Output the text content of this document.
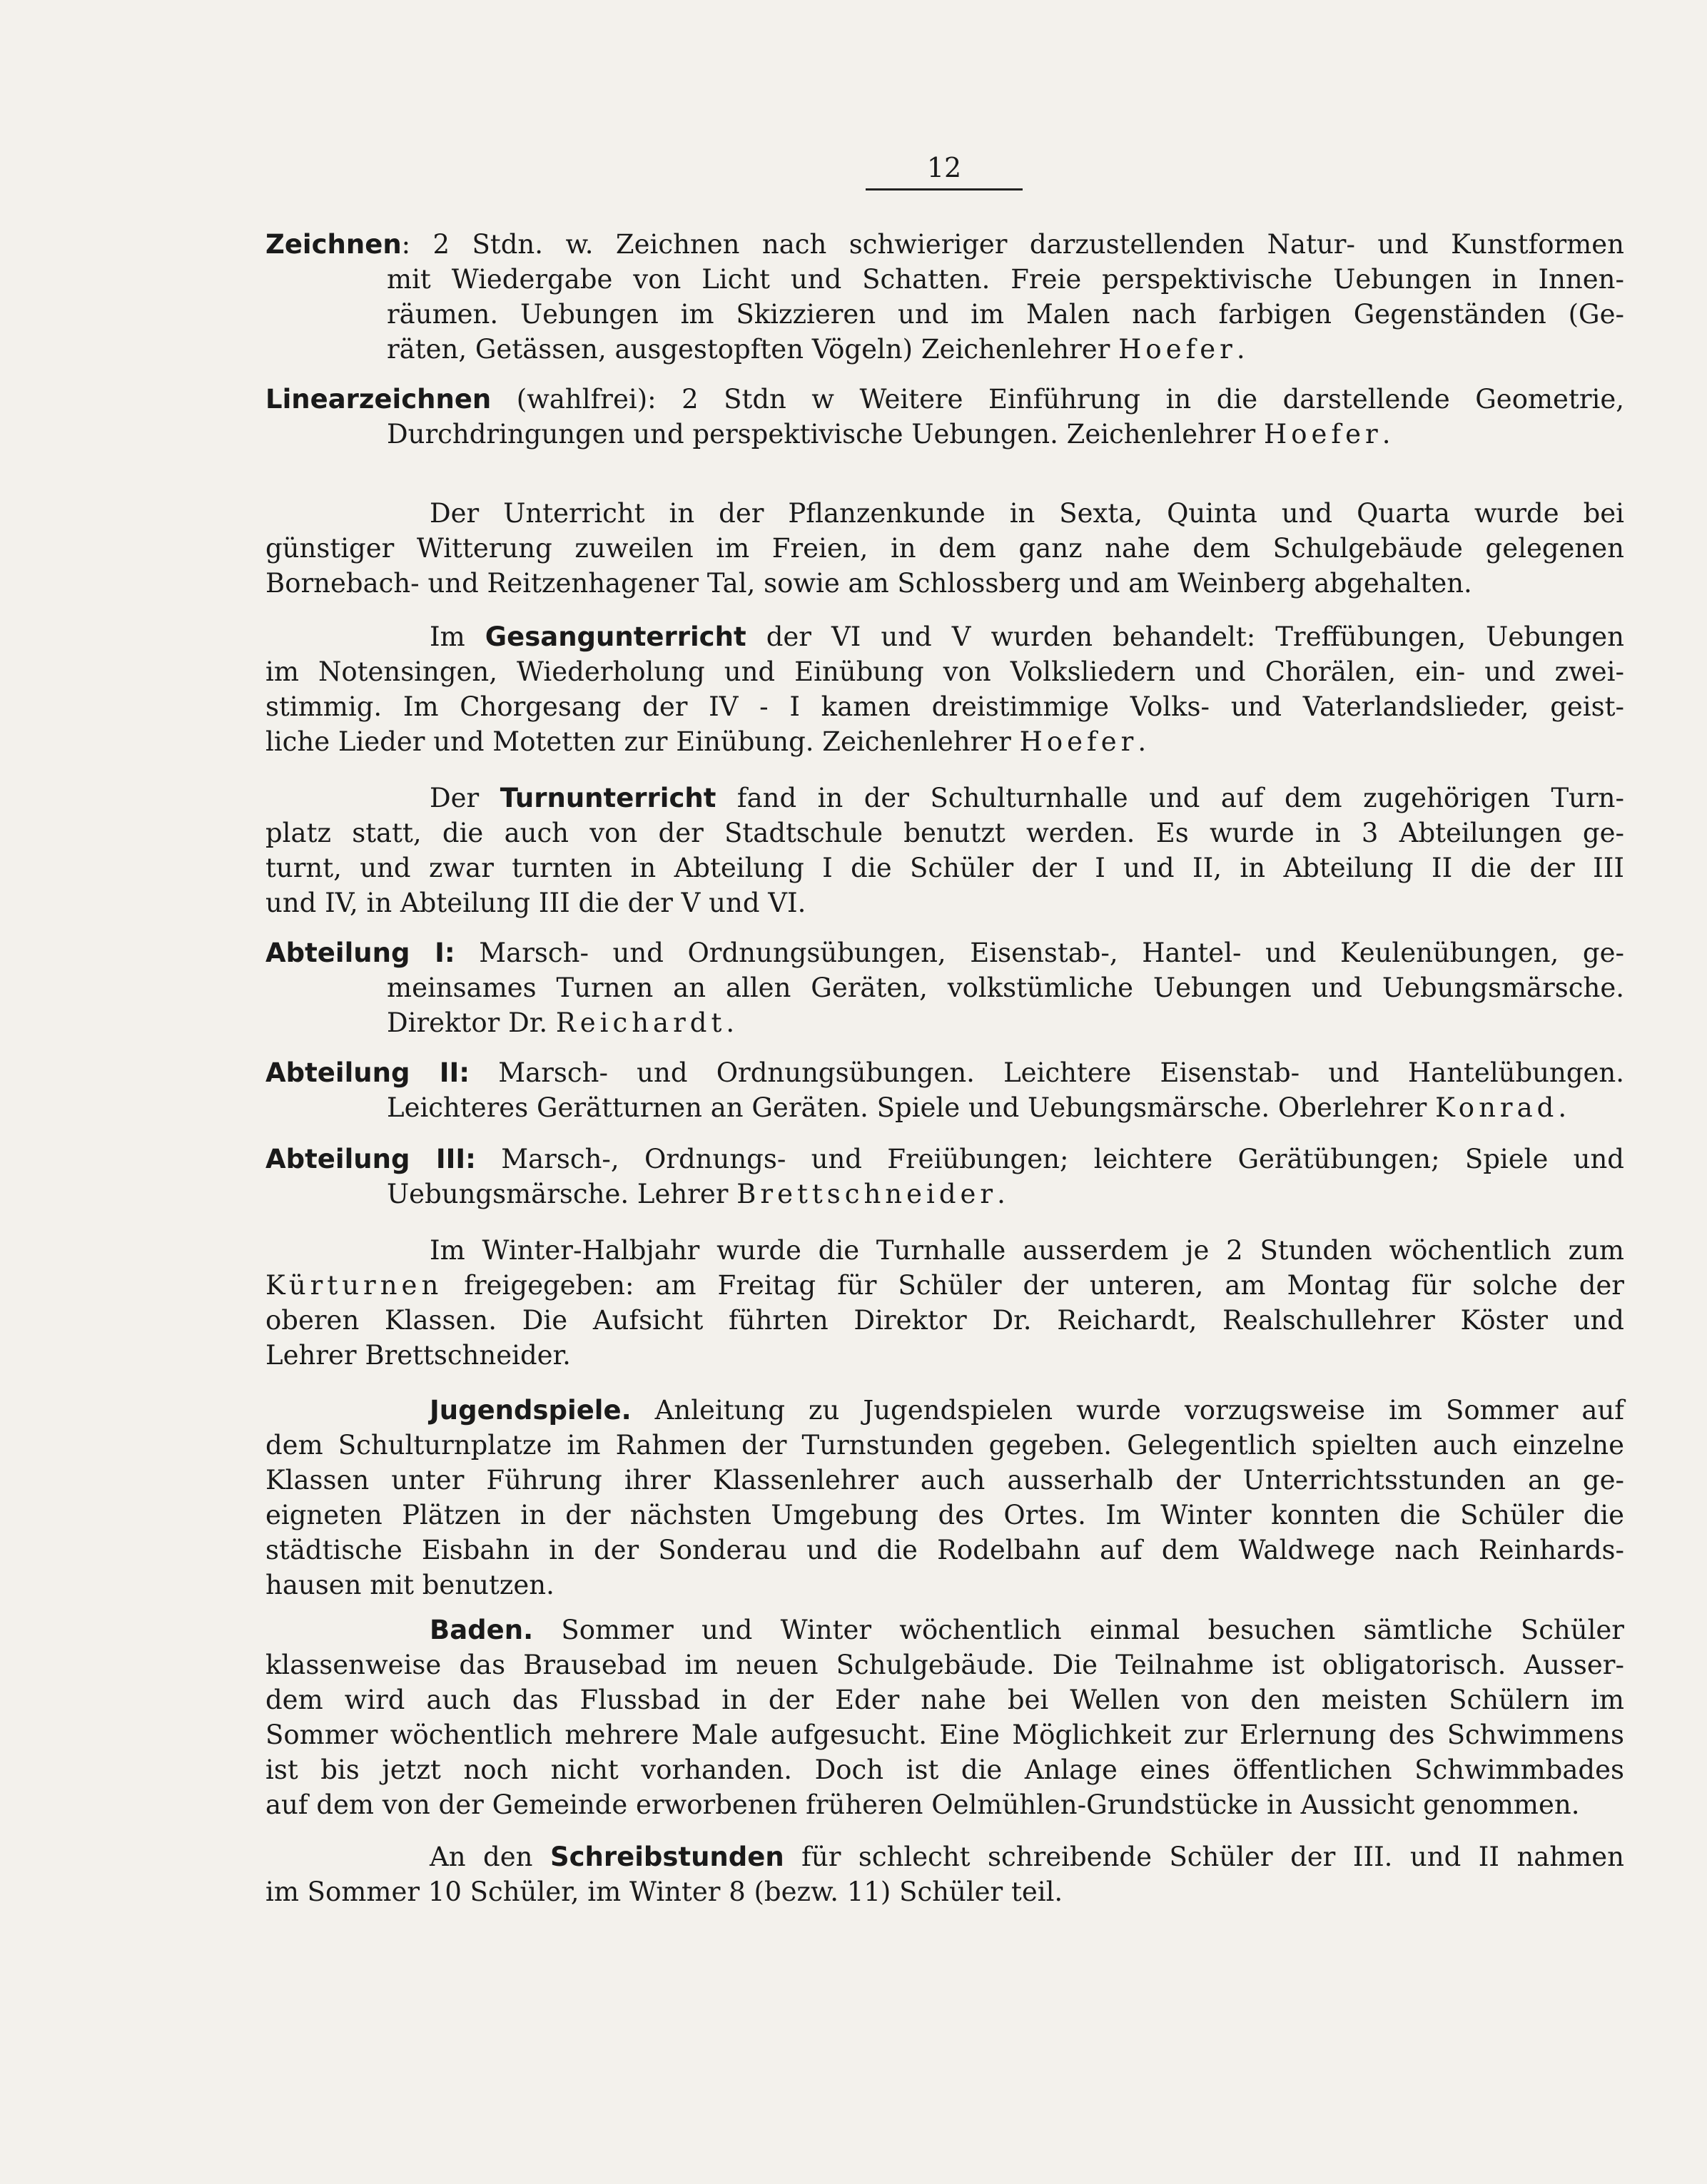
12
Zeichnen: 2 Stdn. w. Zeichnen nach schwieriger darzustellenden Natur- und Kunstformen
mit Wiedergabe von Licht und Schatten. Freie perspektivische Uebungen in Innen-
räumen. Uebungen im Skizzieren und im Malen nach farbigen Gegenständen (Ge-
räten, Getässen, ausgestopften Vögeln) Zeichenlehrer Hoefer.
Linearzeichnen (wahlfrei): 2 Stdn w Weitere Einführung in die darstellende Geometrie,
Durchdringungen und perspektivische Uebungen. Zeichenlehrer Hoefer.
Der Unterricht in der Pflanzenkunde in Sexta, Quinta und Quarta wurde bei
günstiger Witterung zuweilen im Freien, in dem ganz nahe dem Schulgebäude gelegenen
Bornebach- und Reitzenhagener Tal, sowie am Schlossberg und am Weinberg abgehalten.
Im Gesangunterricht der VI und V wurden behandelt: Treffübungen, Uebungen
im Notensingen, Wiederholung und Einübung von Volksliedern und Chorälen, ein- und zwei-
stimmig. Im Chorgesang der IV - I kamen dreistimmige Volks- und Vaterlandslieder, geist-
liche Lieder und Motetten zur Einübung. Zeichenlehrer Hoefer.
Der Turnunterricht fand in der Schulturnhalle und auf dem zugehörigen Turn-
platz statt, die auch von der Stadtschule benutzt werden. Es wurde in 3 Abteilungen ge-
turnt, und zwar turnten in Abteilung I die Schüler der I und II, in Abteilung II die der III
und IV, in Abteilung III die der V und VI.
Abteilung I: Marsch- und Ordnungsübungen, Eisenstab-, Hantel- und Keulenübungen, ge-
meinsames Turnen an allen Geräten, volkstümliche Uebungen und Uebungsmärsche.
Direktor Dr. Reichardt.
Abteilung II: Marsch- und Ordnungsübungen. Leichtere Eisenstab- und Hantelübungen.
Leichteres Gerätturnen an Geräten. Spiele und Uebungsmärsche. Oberlehrer Konrad.
Abteilung III: Marsch-, Ordnungs- und Freiübungen; leichtere Gerätübungen; Spiele und
Uebungsmärsche. Lehrer Brettschneider.
Im Winter-Halbjahr wurde die Turnhalle ausserdem je 2 Stunden wöchentlich zum
Kürturnen freigegeben: am Freitag für Schüler der unteren, am Montag für solche der
oberen Klassen. Die Aufsicht führten Direktor Dr. Reichardt, Realschullehrer Köster und
Lehrer Brettschneider.
Jugendspiele. Anleitung zu Jugendspielen wurde vorzugsweise im Sommer auf
dem Schulturnplatze im Rahmen der Turnstunden gegeben. Gelegentlich spielten auch einzelne
Klassen unter Führung ihrer Klassenlehrer auch ausserhalb der Unterrichtsstunden an ge-
eigneten Plätzen in der nächsten Umgebung des Ortes. Im Winter konnten die Schüler die
städtische Eisbahn in der Sonderau und die Rodelbahn auf dem Waldwege nach Reinhards-
hausen mit benutzen.
Baden. Sommer und Winter wöchentlich einmal besuchen sämtliche Schüler
klassenweise das Brausebad im neuen Schulgebäude. Die Teilnahme ist obligatorisch. Ausser-
dem wird auch das Flussbad in der Eder nahe bei Wellen von den meisten Schülern im
Sommer wöchentlich mehrere Male aufgesucht. Eine Möglichkeit zur Erlernung des Schwimmens
ist bis jetzt noch nicht vorhanden. Doch ist die Anlage eines öffentlichen Schwimmbades
auf dem von der Gemeinde erworbenen früheren Oelmühlen-Grundstücke in Aussicht genommen.
An den Schreibstunden für schlecht schreibende Schüler der III. und II nahmen
im Sommer 10 Schüler, im Winter 8 (bezw. 11) Schüler teil.
